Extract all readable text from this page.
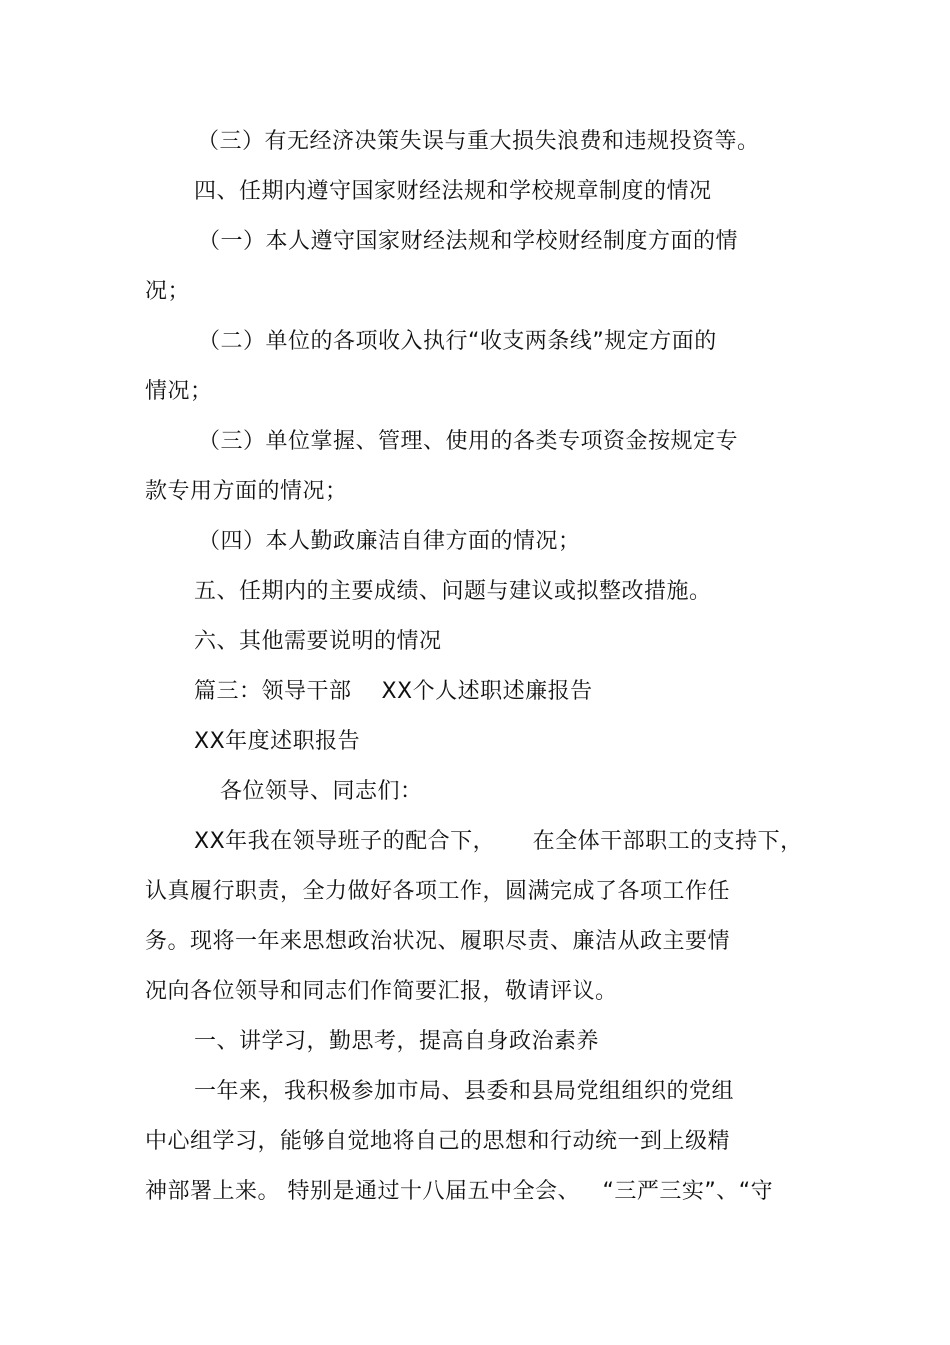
（三）有无经济决策失误与重大损失浪费和违规投资等。
四、任期内遵守国家财经法规和学校规章制度的情况
（一）本人遵守国家财经法规和学校财经制度方面的情
况；
（二）单位的各项收入执行“收支两条线”规定方面的
情况；
（三）单位掌握、管理、使用的各类专项资金按规定专
款专用方面的情况；
（四）本人勤政廉洁自律方面的情况；
五、任期内的主要成绩、问题与建议或拟整改措施。
六、其他需要说明的情况
篇三：领导干部    XX个人述职述廉报告
XX年度述职报告
各位领导、同志们：
XX年我在领导班子的配合下，     在全体干部职工的支持下，
认真履行职责，全力做好各项工作，圆满完成了各项工作任
务。现将一年来思想政治状况、履职尽责、廉洁从政主要情
况向各位领导和同志们作简要汇报，敬请评议。
一、讲学习，勤思考，提高自身政治素养
一年来，我积极参加市局、县委和县局党组组织的党组
中心组学习，能够自觉地将自己的思想和行动统一到上级精
神部署上来。 特别是通过十八届五中全会、   “三严三实”、“守
